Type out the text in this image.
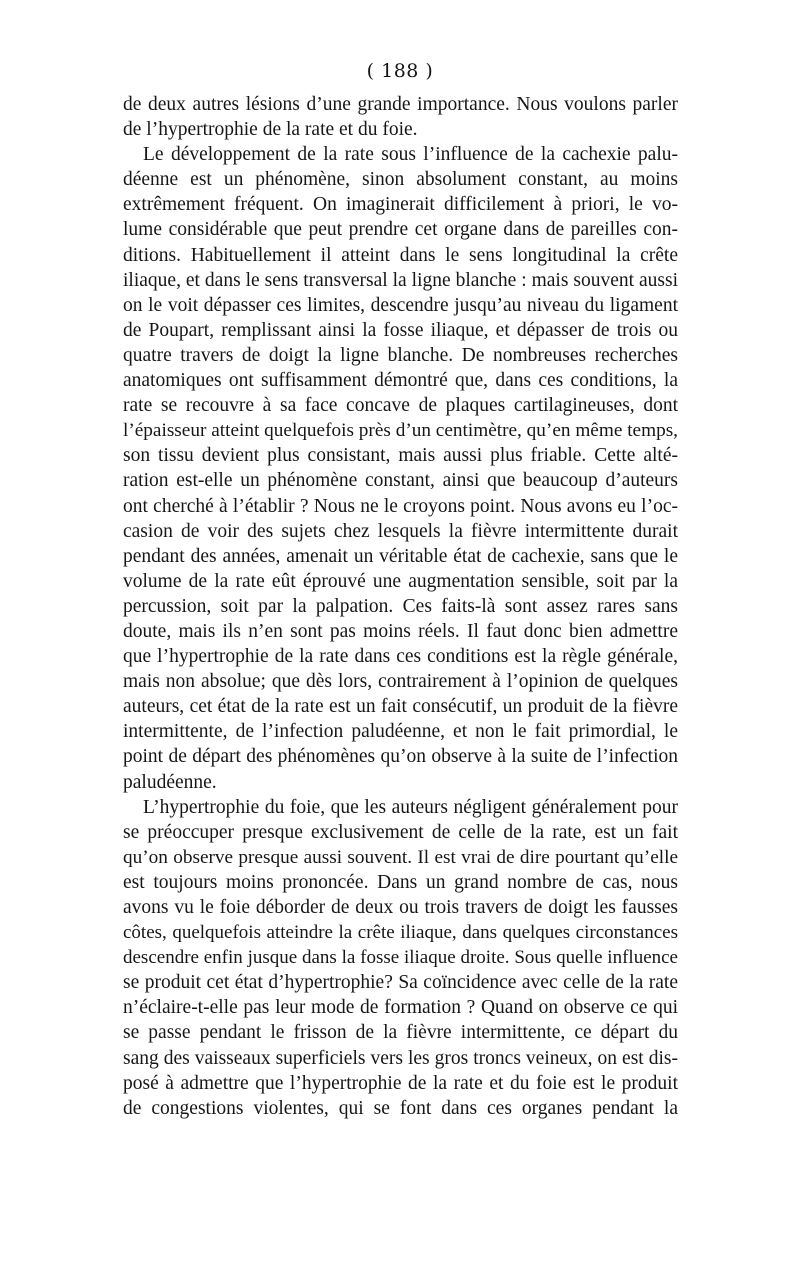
( 188 )
de deux autres lésions d’une grande importance. Nous voulons parler
de l’hypertrophie de la rate et du foie.
Le développement de la rate sous l’influence de la cachexie palu-
déenne est un phénomène, sinon absolument constant, au moins
extrêmement fréquent. On imaginerait difficilement à priori, le vo-
lume considérable que peut prendre cet organe dans de pareilles con-
ditions. Habituellement il atteint dans le sens longitudinal la crête
iliaque, et dans le sens transversal la ligne blanche : mais souvent aussi
on le voit dépasser ces limites, descendre jusqu’au niveau du ligament
de Poupart, remplissant ainsi la fosse iliaque, et dépasser de trois ou
quatre travers de doigt la ligne blanche. De nombreuses recherches
anatomiques ont suffisamment démontré que, dans ces conditions, la
rate se recouvre à sa face concave de plaques cartilagineuses, dont
l’épaisseur atteint quelquefois près d’un centimètre, qu’en même temps,
son tissu devient plus consistant, mais aussi plus friable. Cette alté-
ration est-elle un phénomène constant, ainsi que beaucoup d’auteurs
ont cherché à l’établir ? Nous ne le croyons point. Nous avons eu l’oc-
casion de voir des sujets chez lesquels la fièvre intermittente durait
pendant des années, amenait un véritable état de cachexie, sans que le
volume de la rate eût éprouvé une augmentation sensible, soit par la
percussion, soit par la palpation. Ces faits-là sont assez rares sans
doute, mais ils n’en sont pas moins réels. Il faut donc bien admettre
que l’hypertrophie de la rate dans ces conditions est la règle générale,
mais non absolue; que dès lors, contrairement à l’opinion de quelques
auteurs, cet état de la rate est un fait consécutif, un produit de la fièvre
intermittente, de l’infection paludéenne, et non le fait primordial, le
point de départ des phénomènes qu’on observe à la suite de l’infection
paludéenne.
L’hypertrophie du foie, que les auteurs négligent généralement pour
se préoccuper presque exclusivement de celle de la rate, est un fait
qu’on observe presque aussi souvent. Il est vrai de dire pourtant qu’elle
est toujours moins prononcée. Dans un grand nombre de cas, nous
avons vu le foie déborder de deux ou trois travers de doigt les fausses
côtes, quelquefois atteindre la crête iliaque, dans quelques circonstances
descendre enfin jusque dans la fosse iliaque droite. Sous quelle influence
se produit cet état d’hypertrophie? Sa coïncidence avec celle de la rate
n’éclaire-t-elle pas leur mode de formation ? Quand on observe ce qui
se passe pendant le frisson de la fièvre intermittente, ce départ du
sang des vaisseaux superficiels vers les gros troncs veineux, on est dis-
posé à admettre que l’hypertrophie de la rate et du foie est le produit
de congestions violentes, qui se font dans ces organes pendant la
